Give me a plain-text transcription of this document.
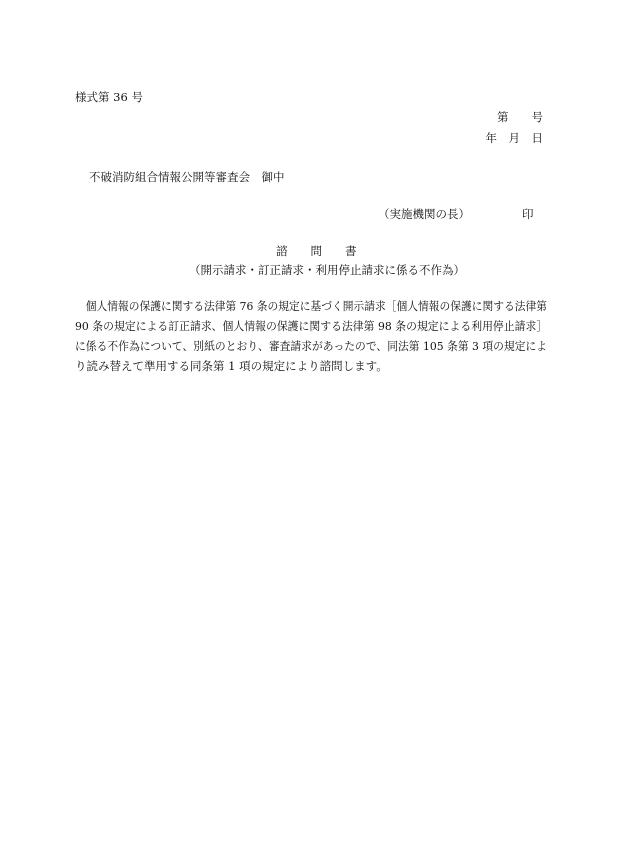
様式第 36 号
第　　号
年　月　日
不破消防組合情報公開等審査会　御中
（実施機関の長）	印
諮　　問　　書
（開示請求・訂正請求・利用停止請求に係る不作為）
　個人情報の保護に関する法律第 76 条の規定に基づく開示請求［個人情報の保護に関する法律第
90 条の規定による訂正請求、個人情報の保護に関する法律第 98 条の規定による利用停止請求］
に係る不作為について、別紙のとおり、審査請求があったので、同法第 105 条第 3 項の規定によ
り読み替えて準用する同条第 1 項の規定により諮問します。
